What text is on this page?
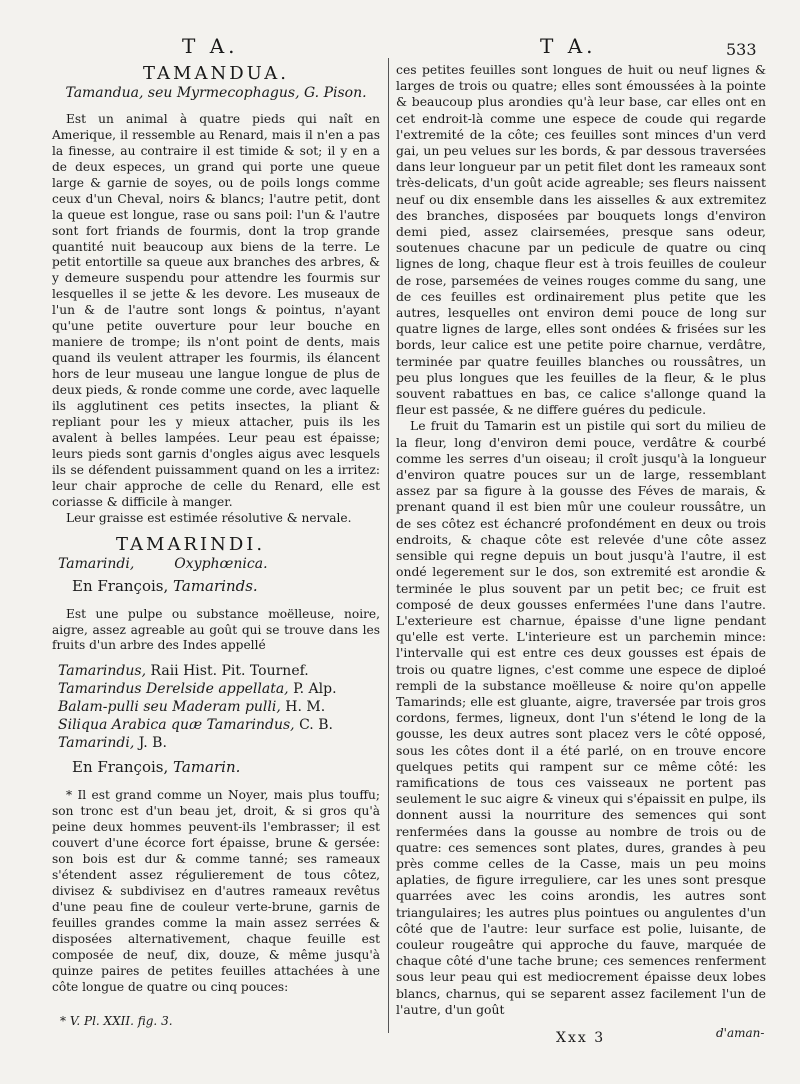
T A.	T A.	533
TAMANDUA.
Tamandua, seu Myrmecophagus, G. Pison.

Est un animal à quatre pieds qui naît en Amerique, il ressemble au Renard, mais il n'en a pas la finesse, au contraire il est timide & sot; il y en a de deux especes, un grand qui porte une queue large & garnie de soyes, ou de poils longs comme ceux d'un Cheval, noirs & blancs; l'autre petit, dont la queue est longue, rase ou sans poil: l'un & l'autre sont fort friands de fourmis, dont la trop grande quantité nuit beaucoup aux biens de la terre. Le petit entortille sa queue aux branches des arbres, & y demeure suspendu pour attendre les fourmis sur lesquelles il se jette & les devore. Les museaux de l'un & de l'autre sont longs & pointus, n'ayant qu'une petite ouverture pour leur bouche en maniere de trompe; ils n'ont point de dents, mais quand ils veulent attraper les fourmis, ils élancent hors de leur museau une langue longue de plus de deux pieds, & ronde comme une corde, avec laquelle ils agglutinent ces petits insectes, la pliant & repliant pour les y mieux attacher, puis ils les avalent à belles lampées. Leur peau est épaisse; leurs pieds sont garnis d'ongles aigus avec lesquels ils se défendent puissamment quand on les a irritez: leur chair approche de celle du Renard, elle est coriasse & difficile à manger.

Leur graisse est estimée résolutive & nervale.

TAMARINDI.
Tamarindi,	Oxyphœnica.
En François, Tamarinds.

Est une pulpe ou substance moëlleuse, noire, aigre, assez agreable au goût qui se trouve dans les fruits d'un arbre des Indes appellé

Tamarindus, Raii Hist. Pit. Tournef.
Tamarindus Derelside appellata, P. Alp.
Balam-pulli seu Maderam pulli, H. M.
Siliqua Arabica quæ Tamarindus, C. B.
Tamarindi, J. B.
En François, Tamarin.

* Il est grand comme un Noyer, mais plus touffu; son tronc est d'un beau jet, droit, & si gros qu'à peine deux hommes peuvent-ils l'embrasser; il est couvert d'une écorce fort épaisse, brune & gersée: son bois est dur & comme tanné; ses rameaux s'étendent assez régulierement de tous côtez, divisez & subdivisez en d'autres rameaux revêtus d'une peau fine de couleur verte-brune, garnis de feuilles grandes comme la main assez serrées & disposées alternativement, chaque feuille est composée de neuf, dix, douze, & même jusqu'à quinze paires de petites feuilles attachées à une côte longue de quatre ou cinq pouces:

ces petites feuilles sont longues de huit ou neuf lignes & larges de trois ou quatre; elles sont émoussées à la pointe & beaucoup plus arondies qu'à leur base, car elles ont en cet endroit-là comme une espece de coude qui regarde l'extremité de la côte; ces feuilles sont minces d'un verd gai, un peu velues sur les bords, & par dessous traversées dans leur longueur par un petit filet dont les rameaux sont très-delicats, d'un goût acide agreable; ses fleurs naissent neuf ou dix ensemble dans les aisselles & aux extremitez des branches, disposées par bouquets longs d'environ demi pied, assez clairsemées, presque sans odeur, soutenues chacune par un pedicule de quatre ou cinq lignes de long, chaque fleur est à trois feuilles de couleur de rose, parsemées de veines rouges comme du sang, une de ces feuilles est ordinairement plus petite que les autres, lesquelles ont environ demi pouce de long sur quatre lignes de large, elles sont ondées & frisées sur les bords, leur calice est une petite poire charnue, verdâtre, terminée par quatre feuilles blanches ou roussâtres, un peu plus longues que les feuilles de la fleur, & le plus souvent rabattues en bas, ce calice s'allonge quand la fleur est passée, & ne differe guéres du pedicule.

Le fruit du Tamarin est un pistile qui sort du milieu de la fleur, long d'environ demi pouce, verdâtre & courbé comme les serres d'un oiseau; il croît jusqu'à la longueur d'environ quatre pouces sur un de large, ressemblant assez par sa figure à la gousse des Féves de marais, & prenant quand il est bien mûr une couleur roussâtre, un de ses côtez est échancré profondément en deux ou trois endroits, & chaque côte est relevée d'une côte assez sensible qui regne depuis un bout jusqu'à l'autre, il est ondé legerement sur le dos, son extremité est arondie & terminée le plus souvent par un petit bec; ce fruit est composé de deux gousses enfermées l'une dans l'autre. L'exterieure est charnue, épaisse d'une ligne pendant qu'elle est verte. L'interieure est un parchemin mince: l'intervalle qui est entre ces deux gousses est épais de trois ou quatre lignes, c'est comme une espece de diploé rempli de la substance moëlleuse & noire qu'on appelle Tamarinds; elle est gluante, aigre, traversée par trois gros cordons, fermes, ligneux, dont l'un s'étend le long de la gousse, les deux autres sont placez vers le côté opposé, sous les côtes dont il a été parlé, on en trouve encore quelques petits qui rampent sur ce même côté: les ramifications de tous ces vaisseaux ne portent pas seulement le suc aigre & vineux qui s'épaissit en pulpe, ils donnent aussi la nourriture des semences qui sont renfermées dans la gousse au nombre de trois ou de quatre: ces semences sont plates, dures, grandes à peu près comme celles de la Casse, mais un peu moins aplaties, de figure irreguliere, car les unes sont presque quarrées avec les coins arondis, les autres sont triangulaires; les autres plus pointues ou angulentes d'un côté que de l'autre: leur surface est polie, luisante, de couleur rougeâtre qui approche du fauve, marquée de chaque côté d'une tache brune; ces semences renferment sous leur peau qui est mediocrement épaisse deux lobes blancs, charnus, qui se separent assez facilement l'un de l'autre, d'un goût

* V. Pl. XXII. fig. 3.
Xxx 3	d'aman-
